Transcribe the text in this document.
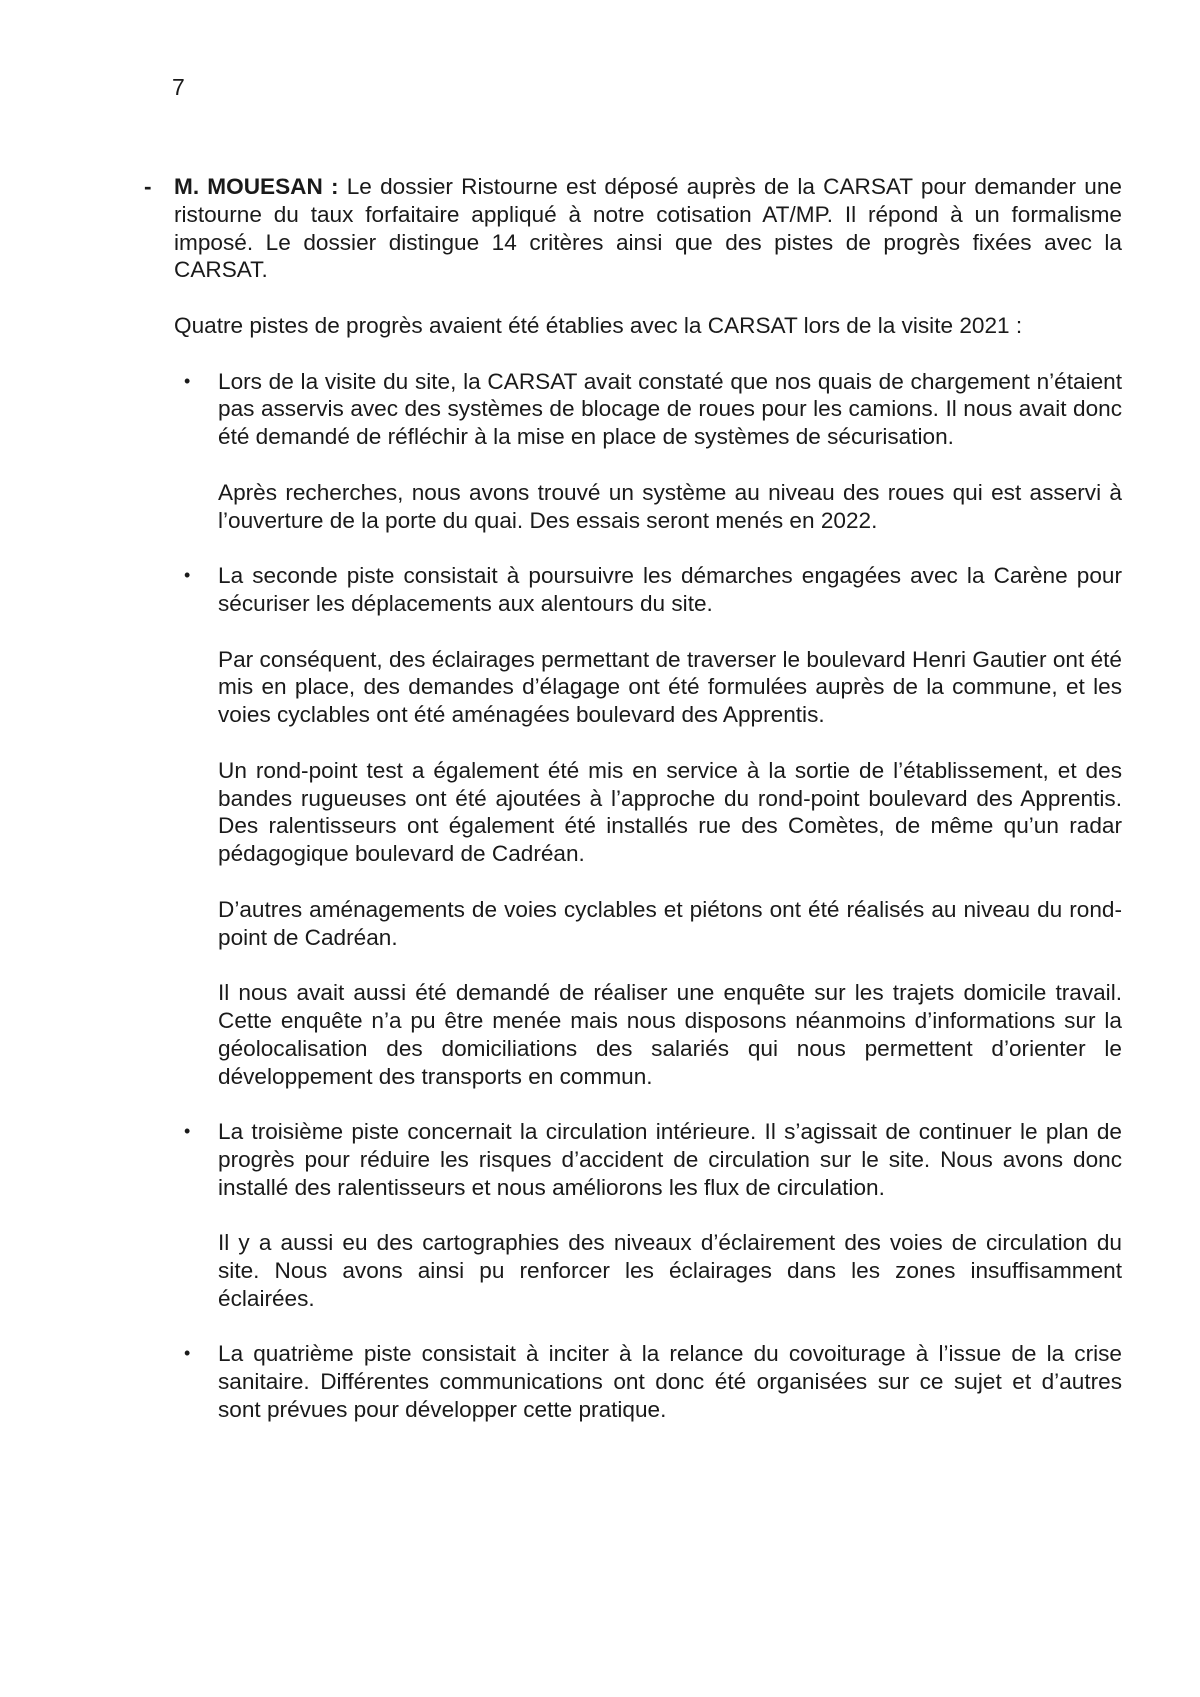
7
- M. MOUESAN : Le dossier Ristourne est déposé auprès de la CARSAT pour demander une ristourne du taux forfaitaire appliqué à notre cotisation AT/MP. Il répond à un formalisme imposé. Le dossier distingue 14 critères ainsi que des pistes de progrès fixées avec la CARSAT.

Quatre pistes de progrès avaient été établies avec la CARSAT lors de la visite 2021 :

• Lors de la visite du site, la CARSAT avait constaté que nos quais de chargement n’étaient pas asservis avec des systèmes de blocage de roues pour les camions. Il nous avait donc été demandé de réfléchir à la mise en place de systèmes de sécurisation.

Après recherches, nous avons trouvé un système au niveau des roues qui est asservi à l’ouverture de la porte du quai. Des essais seront menés en 2022.

• La seconde piste consistait à poursuivre les démarches engagées avec la Carène pour sécuriser les déplacements aux alentours du site.

Par conséquent, des éclairages permettant de traverser le boulevard Henri Gautier ont été mis en place, des demandes d’élagage ont été formulées auprès de la commune, et les voies cyclables ont été aménagées boulevard des Apprentis.

Un rond-point test a également été mis en service à la sortie de l’établissement, et des bandes rugueuses ont été ajoutées à l’approche du rond-point boulevard des Apprentis. Des ralentisseurs ont également été installés rue des Comètes, de même qu’un radar pédagogique boulevard de Cadréan.

D’autres aménagements de voies cyclables et piétons ont été réalisés au niveau du rond-point de Cadréan.

Il nous avait aussi été demandé de réaliser une enquête sur les trajets domicile travail. Cette enquête n’a pu être menée mais nous disposons néanmoins d’informations sur la géolocalisation des domiciliations des salariés qui nous permettent d’orienter le développement des transports en commun.

• La troisième piste concernait la circulation intérieure. Il s’agissait de continuer le plan de progrès pour réduire les risques d’accident de circulation sur le site. Nous avons donc installé des ralentisseurs et nous améliorons les flux de circulation.

Il y a aussi eu des cartographies des niveaux d’éclairement des voies de circulation du site. Nous avons ainsi pu renforcer les éclairages dans les zones insuffisamment éclairées.

• La quatrième piste consistait à inciter à la relance du covoiturage à l’issue de la crise sanitaire. Différentes communications ont donc été organisées sur ce sujet et d’autres sont prévues pour développer cette pratique.
